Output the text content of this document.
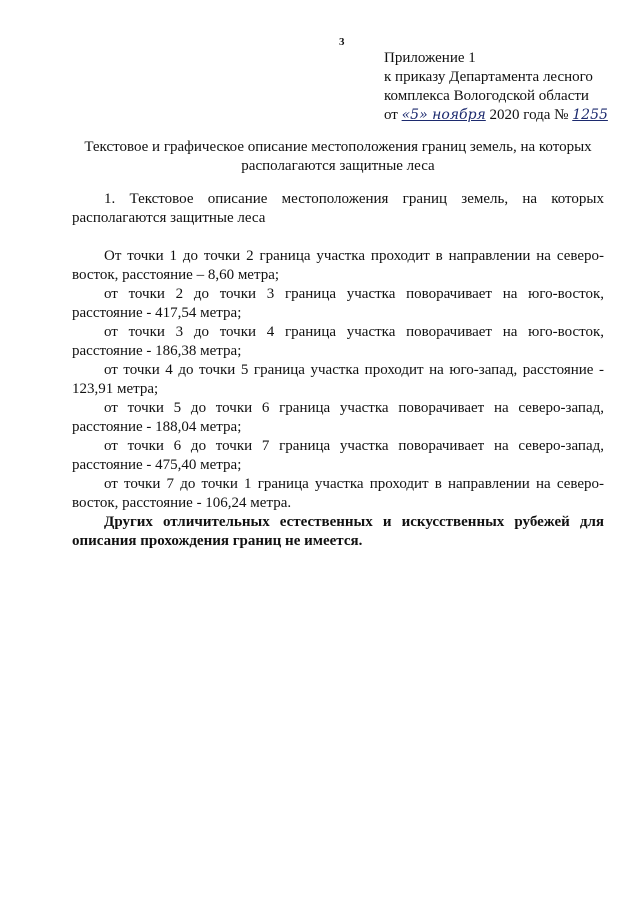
3
Приложение 1
к приказу Департамента лесного
комплекса Вологодской области
от «5» ноября 2020 года № 1255
Текстовое и графическое описание местоположения границ земель, на которых располагаются защитные леса

1. Текстовое описание местоположения границ земель, на которых располагаются защитные леса

От точки 1 до точки 2 граница участка проходит в направлении на северо-восток, расстояние – 8,60 метра;

от точки 2 до точки 3 граница участка поворачивает на юго-восток, расстояние - 417,54 метра;

от точки 3 до точки 4 граница участка поворачивает на юго-восток, расстояние - 186,38 метра;

от точки 4 до точки 5 граница участка проходит на юго-запад, расстояние - 123,91 метра;

от точки 5 до точки 6 граница участка поворачивает на северо-запад, расстояние - 188,04 метра;

от точки 6 до точки 7 граница участка поворачивает на северо-запад, расстояние - 475,40 метра;

от точки 7 до точки 1 граница участка проходит в направлении на северо-восток, расстояние - 106,24 метра.

Других отличительных естественных и искусственных рубежей для описания прохождения границ не имеется.
